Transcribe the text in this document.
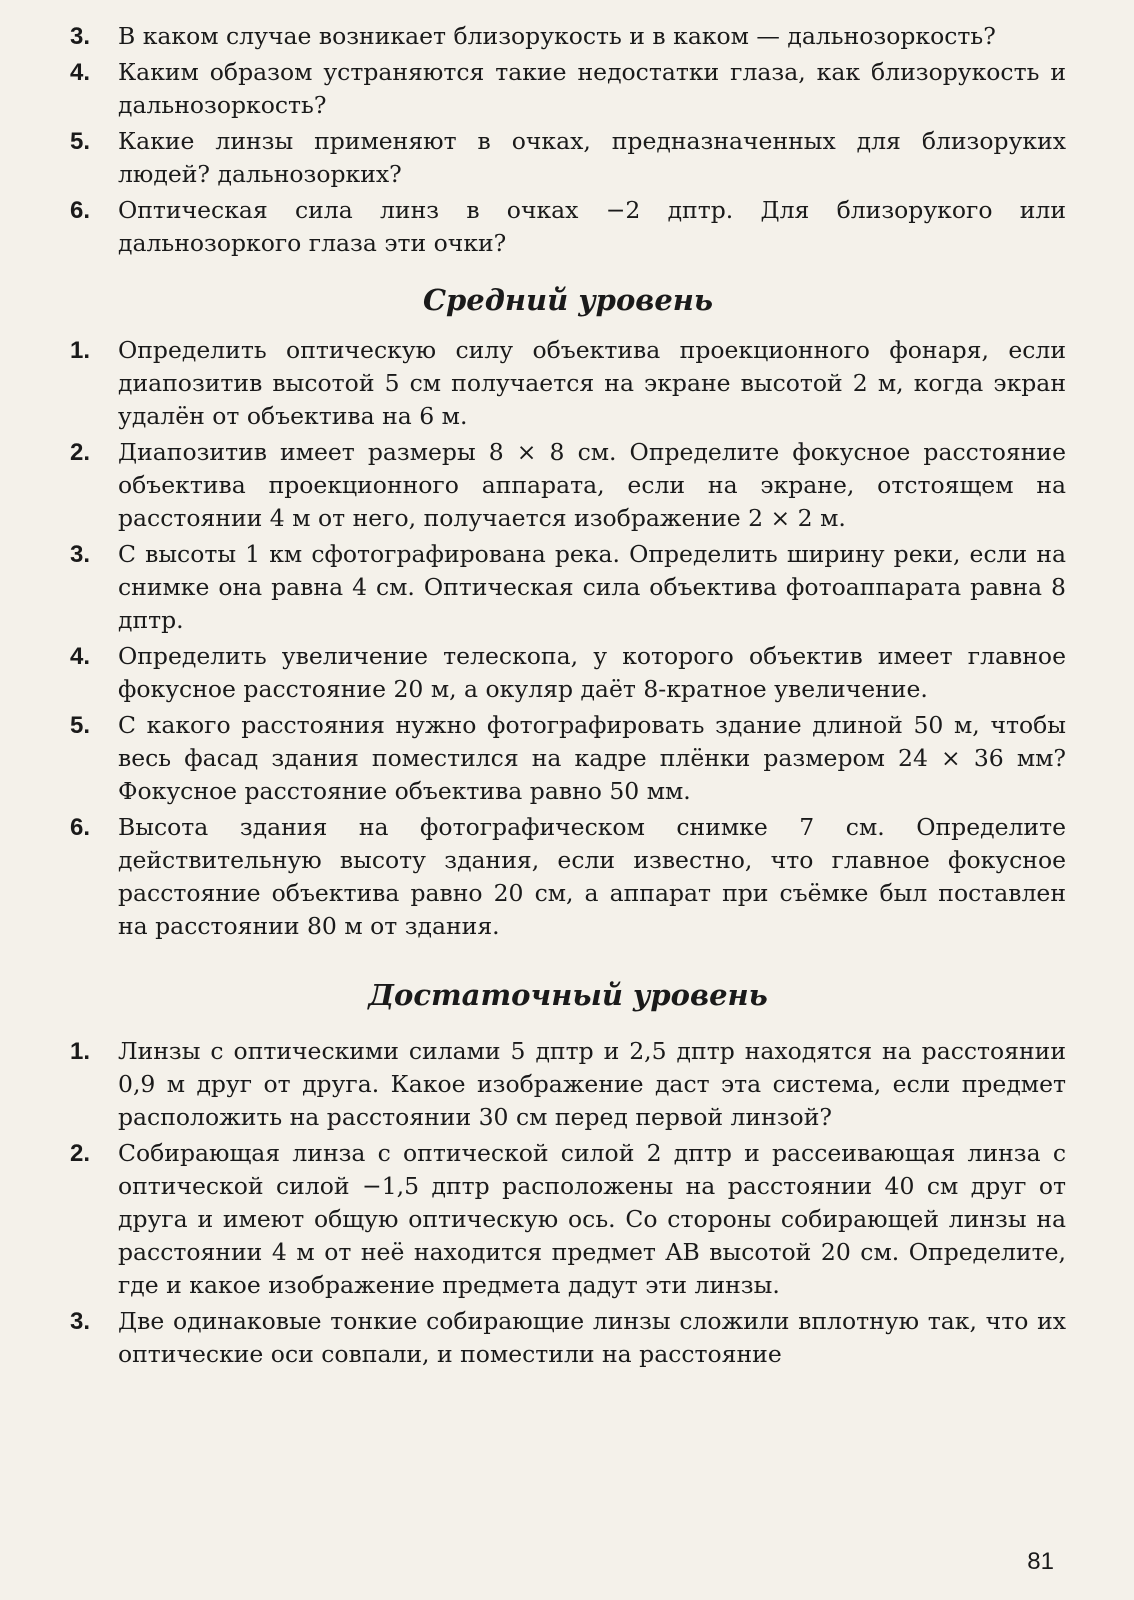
3.	В каком случае возникает близорукость и в каком — дальнозоркость?
4.	Каким образом устраняются такие недостатки глаза, как близорукость и дальнозоркость?
5.	Какие линзы применяют в очках, предназначенных для близоруких людей? дальнозорких?
6.	Оптическая сила линз в очках −2 дптр. Для близорукого или дальнозоркого глаза эти очки?
Средний уровень
1.	Определить оптическую силу объектива проекционного фонаря, если диапозитив высотой 5 см получается на экране высотой 2 м, когда экран удалён от объектива на 6 м.
2.	Диапозитив имеет размеры 8 × 8 см. Определите фокусное расстояние объектива проекционного аппарата, если на экране, отстоящем на расстоянии 4 м от него, получается изображение 2 × 2 м.
3.	С высоты 1 км сфотографирована река. Определить ширину реки, если на снимке она равна 4 см. Оптическая сила объектива фотоаппарата равна 8 дптр.
4.	Определить увеличение телескопа, у которого объектив имеет главное фокусное расстояние 20 м, а окуляр даёт 8-кратное увеличение.
5.	С какого расстояния нужно фотографировать здание длиной 50 м, чтобы весь фасад здания поместился на кадре плёнки размером 24 × 36 мм? Фокусное расстояние объектива равно 50 мм.
6.	Высота здания на фотографическом снимке 7 см. Определите действительную высоту здания, если известно, что главное фокусное расстояние объектива равно 20 см, а аппарат при съёмке был поставлен на расстоянии 80 м от здания.
Достаточный уровень
1.	Линзы с оптическими силами 5 дптр и 2,5 дптр находятся на расстоянии 0,9 м друг от друга. Какое изображение даст эта система, если предмет расположить на расстоянии 30 см перед первой линзой?
2.	Собирающая линза с оптической силой 2 дптр и рассеивающая линза с оптической силой −1,5 дптр расположены на расстоянии 40 см друг от друга и имеют общую оптическую ось. Со стороны собирающей линзы на расстоянии 4 м от неё находится предмет AB высотой 20 см. Определите, где и какое изображение предмета дадут эти линзы.
3.	Две одинаковые тонкие собирающие линзы сложили вплотную так, что их оптические оси совпали, и поместили на расстояние
81
